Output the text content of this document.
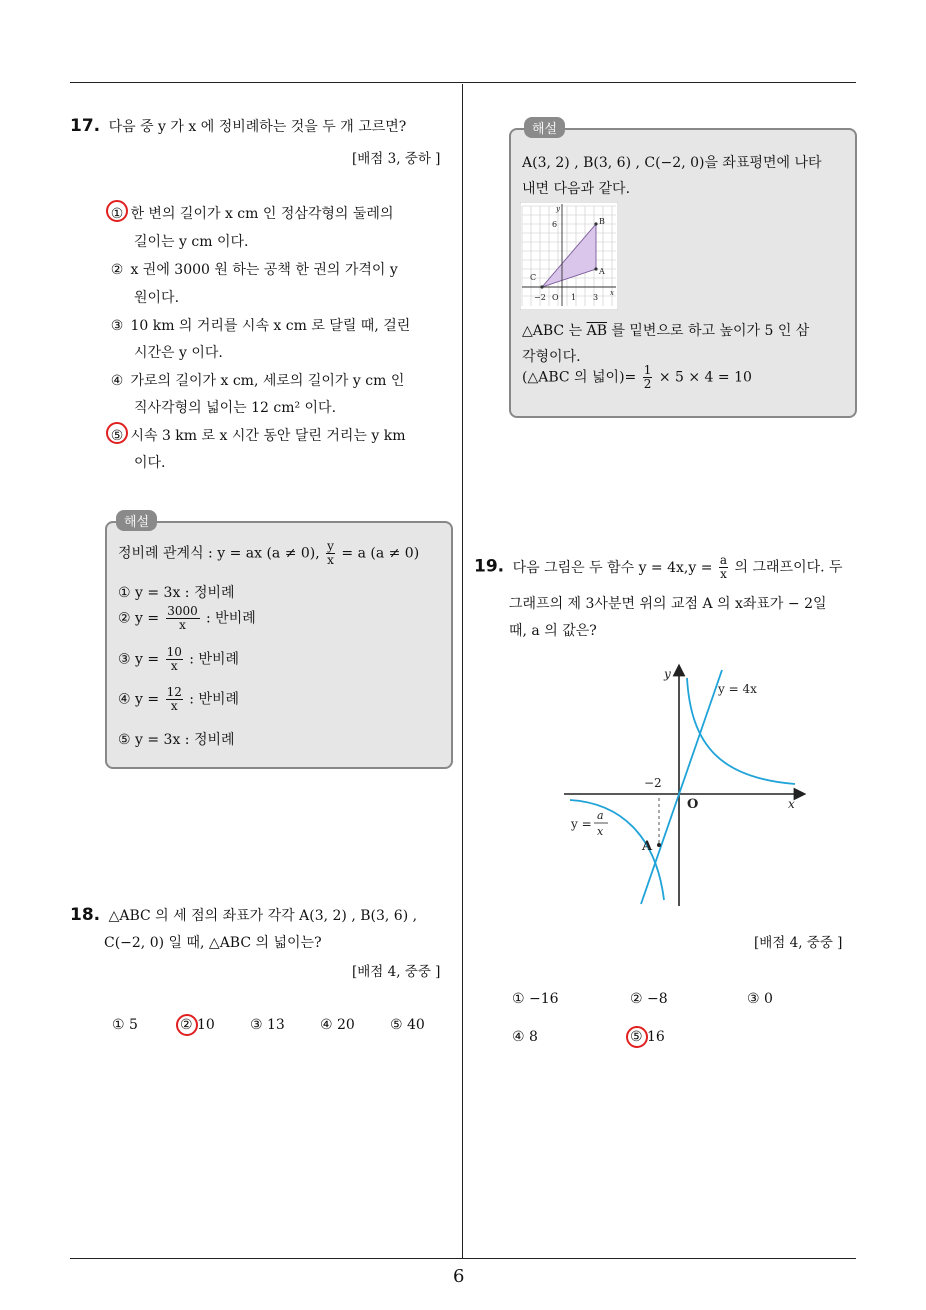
17. 다음 중 y 가 x 에 정비례하는 것을 두 개 고르면?
[배점 3, 중하 ]
① 한 변의 길이가 x cm 인 정삼각형의 둘레의
길이는 y cm 이다.
② x 권에 3000 원 하는 공책 한 권의 가격이 y
원이다.
③ 10 km 의 거리를 시속 x cm 로 달릴 때, 걸린
시간은 y 이다.
④ 가로의 길이가 x cm, 세로의 길이가 y cm 인
직사각형의 넓이는 12 cm² 이다.
⑤ 시속 3 km 로 x 시간 동안 달린 거리는 y km
이다.
해설
정비례 관계식 : y = ax (a ≠ 0), $\frac{y}{x} = a$ (a ≠ 0)
① y = 3x : 정비례
② $y = \frac{3000}{x}$ : 반비례
③ $y = \frac{10}{x}$ : 반비례
④ $y = \frac{12}{x}$ : 반비례
⑤ y = 3x : 정비례
18. △ABC 의 세 점의 좌표가 각각 A(3, 2) , B(3, 6) ,
C(−2, 0) 일 때, △ABC 의 넓이는?
[배점 4, 중중 ]
① 5	② 10	③ 13	④ 20	⑤ 40
해설
A(3, 2) , B(3, 6) , C(−2, 0)을 좌표평면에 나타
내면 다음과 같다.
y
x
6	B
A
C
−2 O 1 3
△ABC 는 $\overline{AB}$ 를 밑변으로 하고 높이가 5 인 삼
각형이다.
(△ABC 의 넓이)= $\frac{1}{2} \times 5 \times 4 = 10$
19. 다음 그림은 두 함수 $y = 4x,y = \frac{a}{x}$ 의 그래프이다. 두
그래프의 제 3사분면 위의 교점 A 의 x좌표가 − 2일
때, a 의 값은?
y
y = 4x
−2
O	x
y =
a
x
A
[배점 4, 중중 ]
① −16	② −8	③ 0
④ 8	⑤ 16
6
